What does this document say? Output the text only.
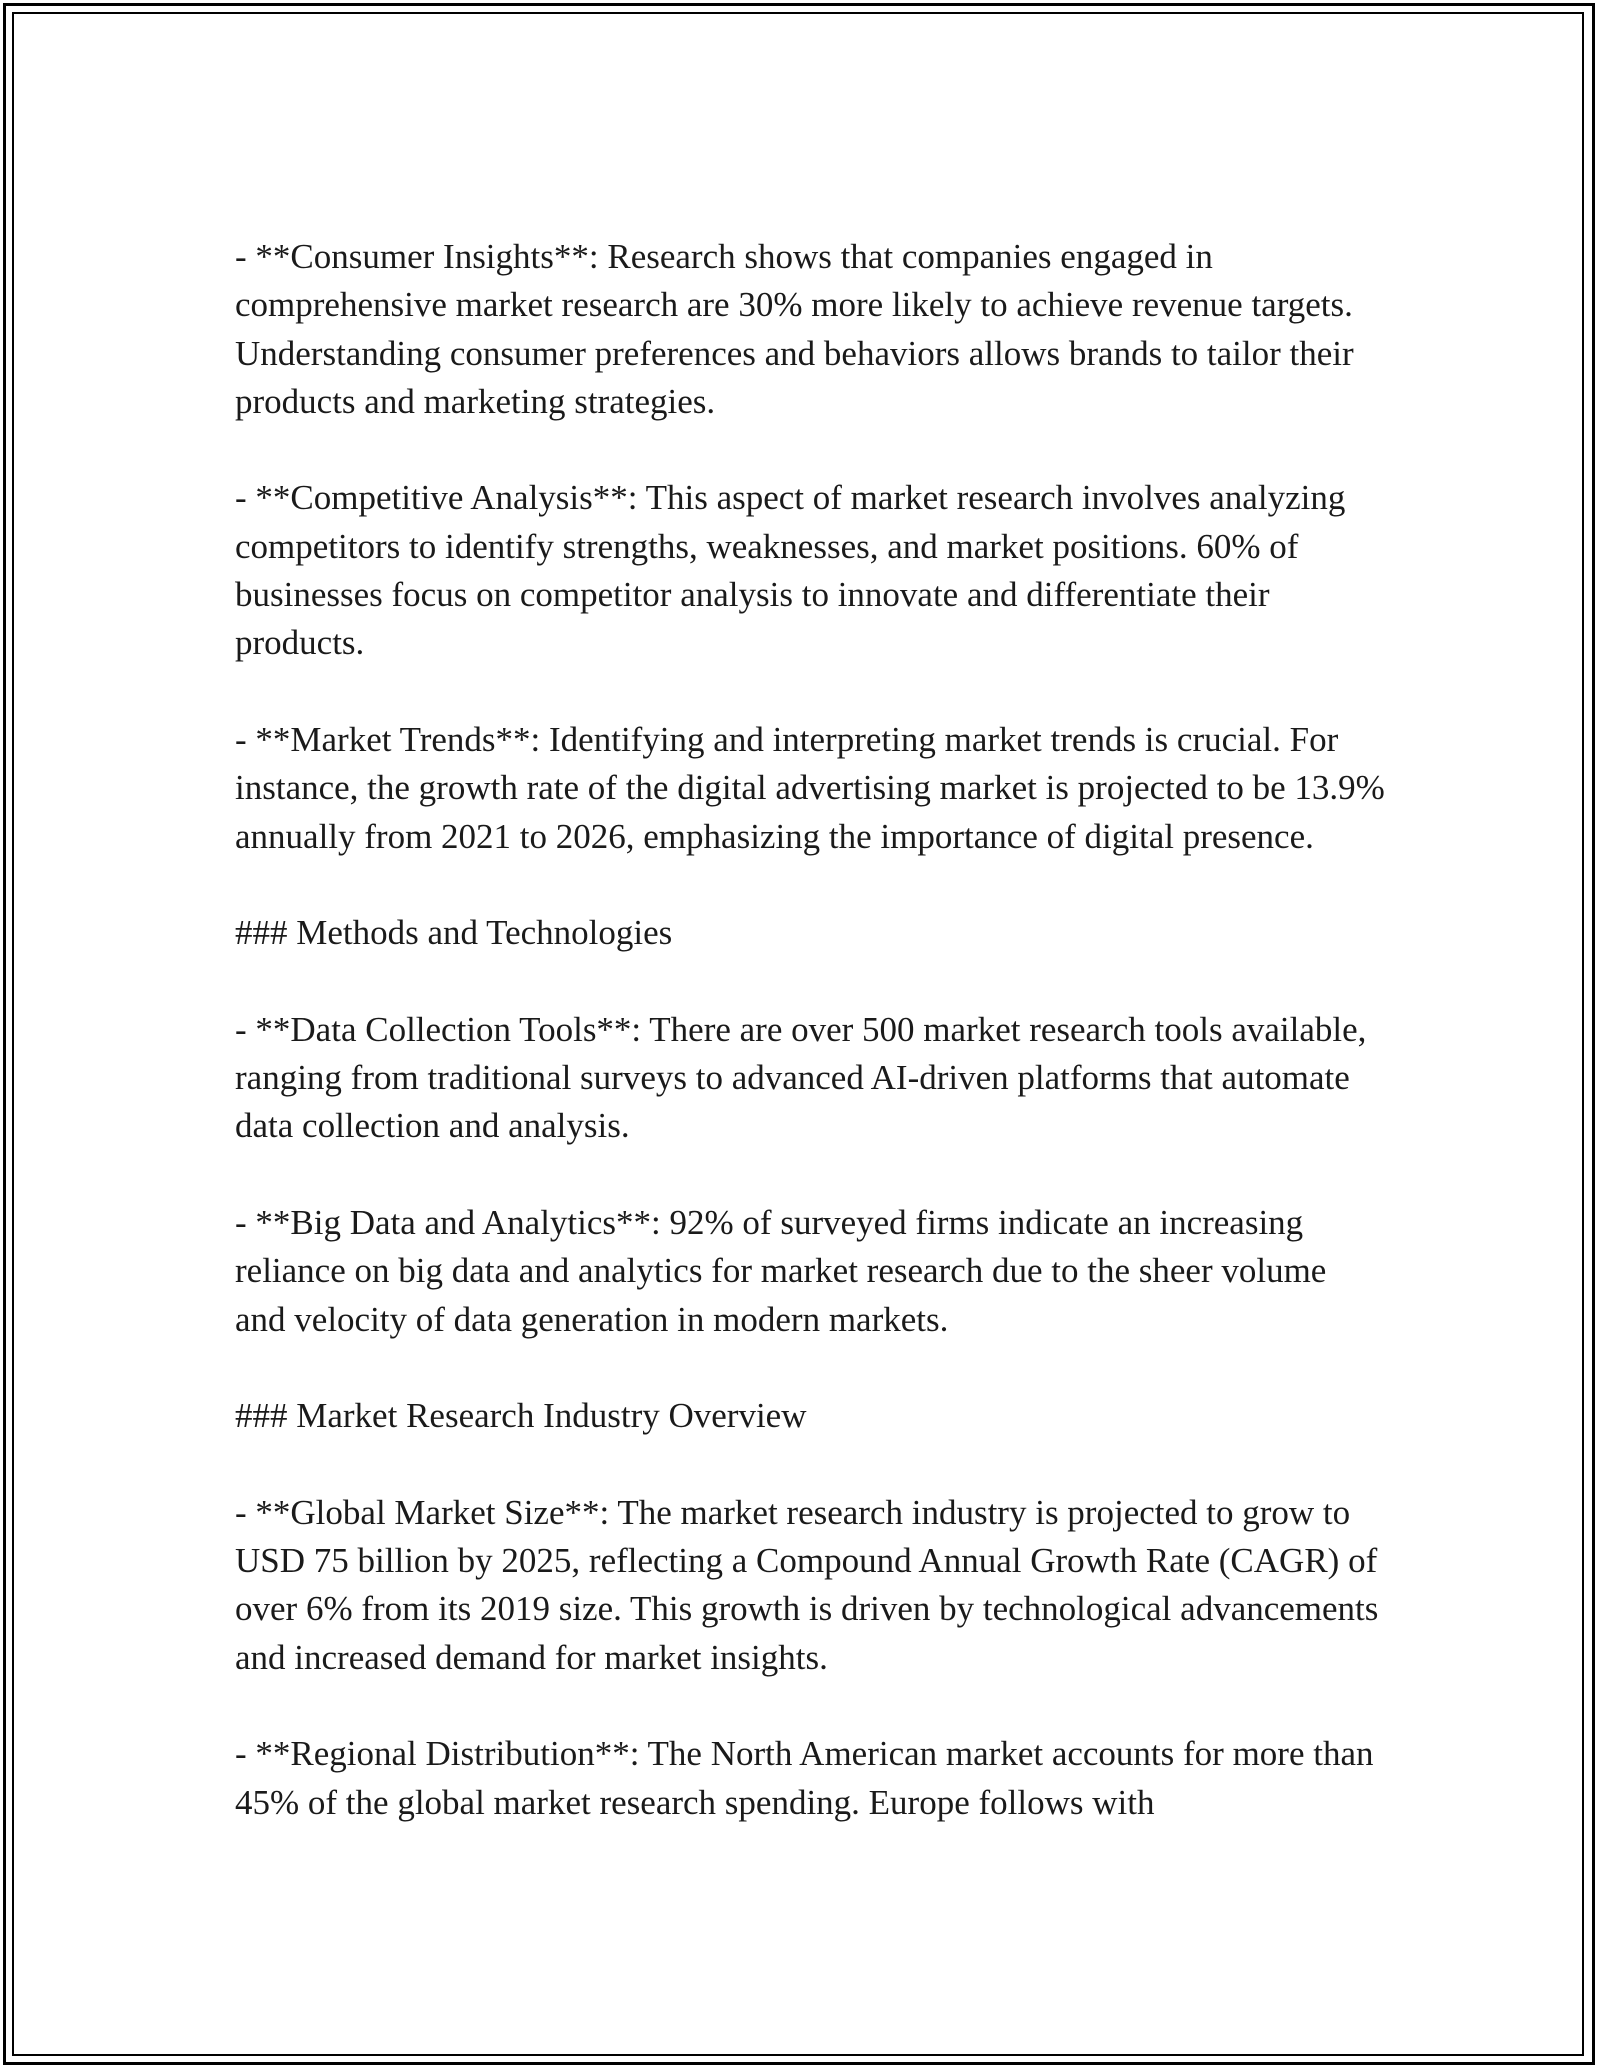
- **Consumer Insights**: Research shows that companies engaged in comprehensive market research are 30% more likely to achieve revenue targets. Understanding consumer preferences and behaviors allows brands to tailor their products and marketing strategies.

- **Competitive Analysis**: This aspect of market research involves analyzing competitors to identify strengths, weaknesses, and market positions. 60% of businesses focus on competitor analysis to innovate and differentiate their products.

- **Market Trends**: Identifying and interpreting market trends is crucial. For instance, the growth rate of the digital advertising market is projected to be 13.9% annually from 2021 to 2026, emphasizing the importance of digital presence.

### Methods and Technologies

- **Data Collection Tools**: There are over 500 market research tools available, ranging from traditional surveys to advanced AI-driven platforms that automate data collection and analysis.

- **Big Data and Analytics**: 92% of surveyed firms indicate an increasing reliance on big data and analytics for market research due to the sheer volume and velocity of data generation in modern markets.

### Market Research Industry Overview

- **Global Market Size**: The market research industry is projected to grow to USD 75 billion by 2025, reflecting a Compound Annual Growth Rate (CAGR) of over 6% from its 2019 size. This growth is driven by technological advancements and increased demand for market insights.

- **Regional Distribution**: The North American market accounts for more than 45% of the global market research spending. Europe follows with
